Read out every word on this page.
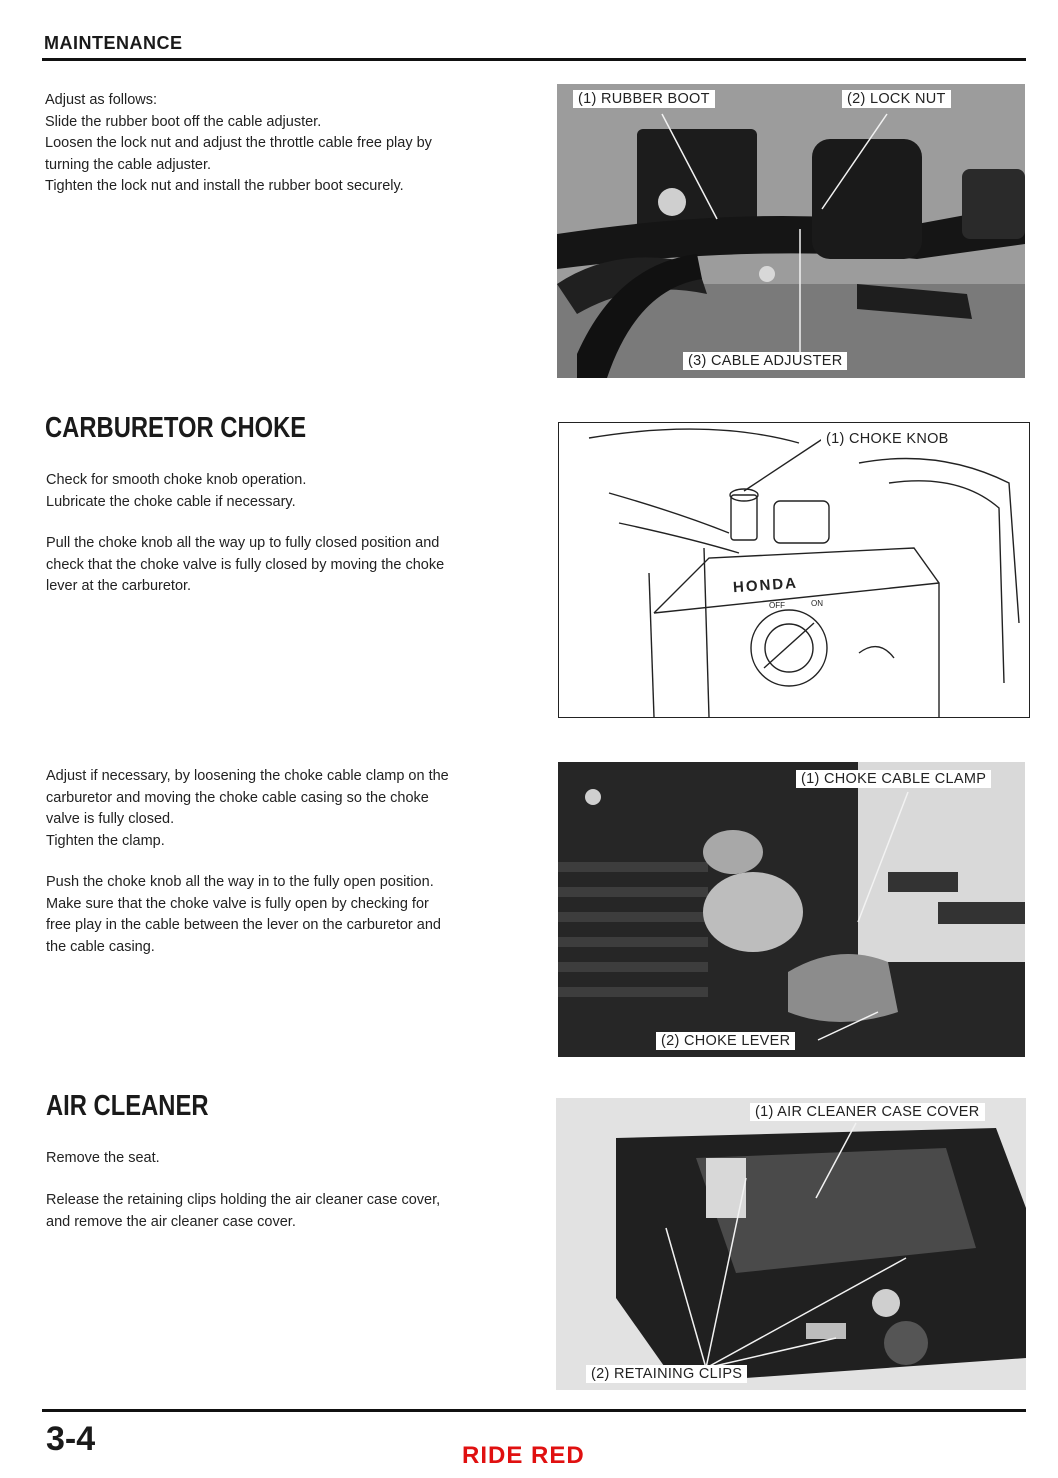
MAINTENANCE

Adjust as follows:

Slide the rubber boot off the cable adjuster.

Loosen the lock nut and adjust the throttle cable free play by

turning the cable adjuster.

Tighten the lock nut and install the rubber boot securely.

(1) RUBBER BOOT	(2) LOCK NUT
(3) CABLE ADJUSTER
CARBURETOR CHOKE

Check for smooth choke knob operation.

Lubricate the choke cable if necessary.

Pull the choke knob all the way up to fully closed position and

check that the choke valve is fully closed by moving the choke

lever at the carburetor.	HONDA
OFF	ON
(1) CHOKE KNOB

Adjust if necessary, by loosening the choke cable clamp on the

carburetor and moving the choke cable casing so the choke

valve is fully closed.

Tighten the clamp.

Push the choke knob all the way in to the fully open position.

Make sure that the choke valve is fully open by checking for

free play in the cable between the lever on the carburetor and

the cable casing.

(1) CHOKE CABLE CLAMP
(2) CHOKE LEVER
AIR CLEANER

Remove the seat.

Release the retaining clips holding the air cleaner case cover,

and remove the air cleaner case cover.

(1) AIR CLEANER CASE COVER
(2) RETAINING CLIPS
3-4	RIDE RED
